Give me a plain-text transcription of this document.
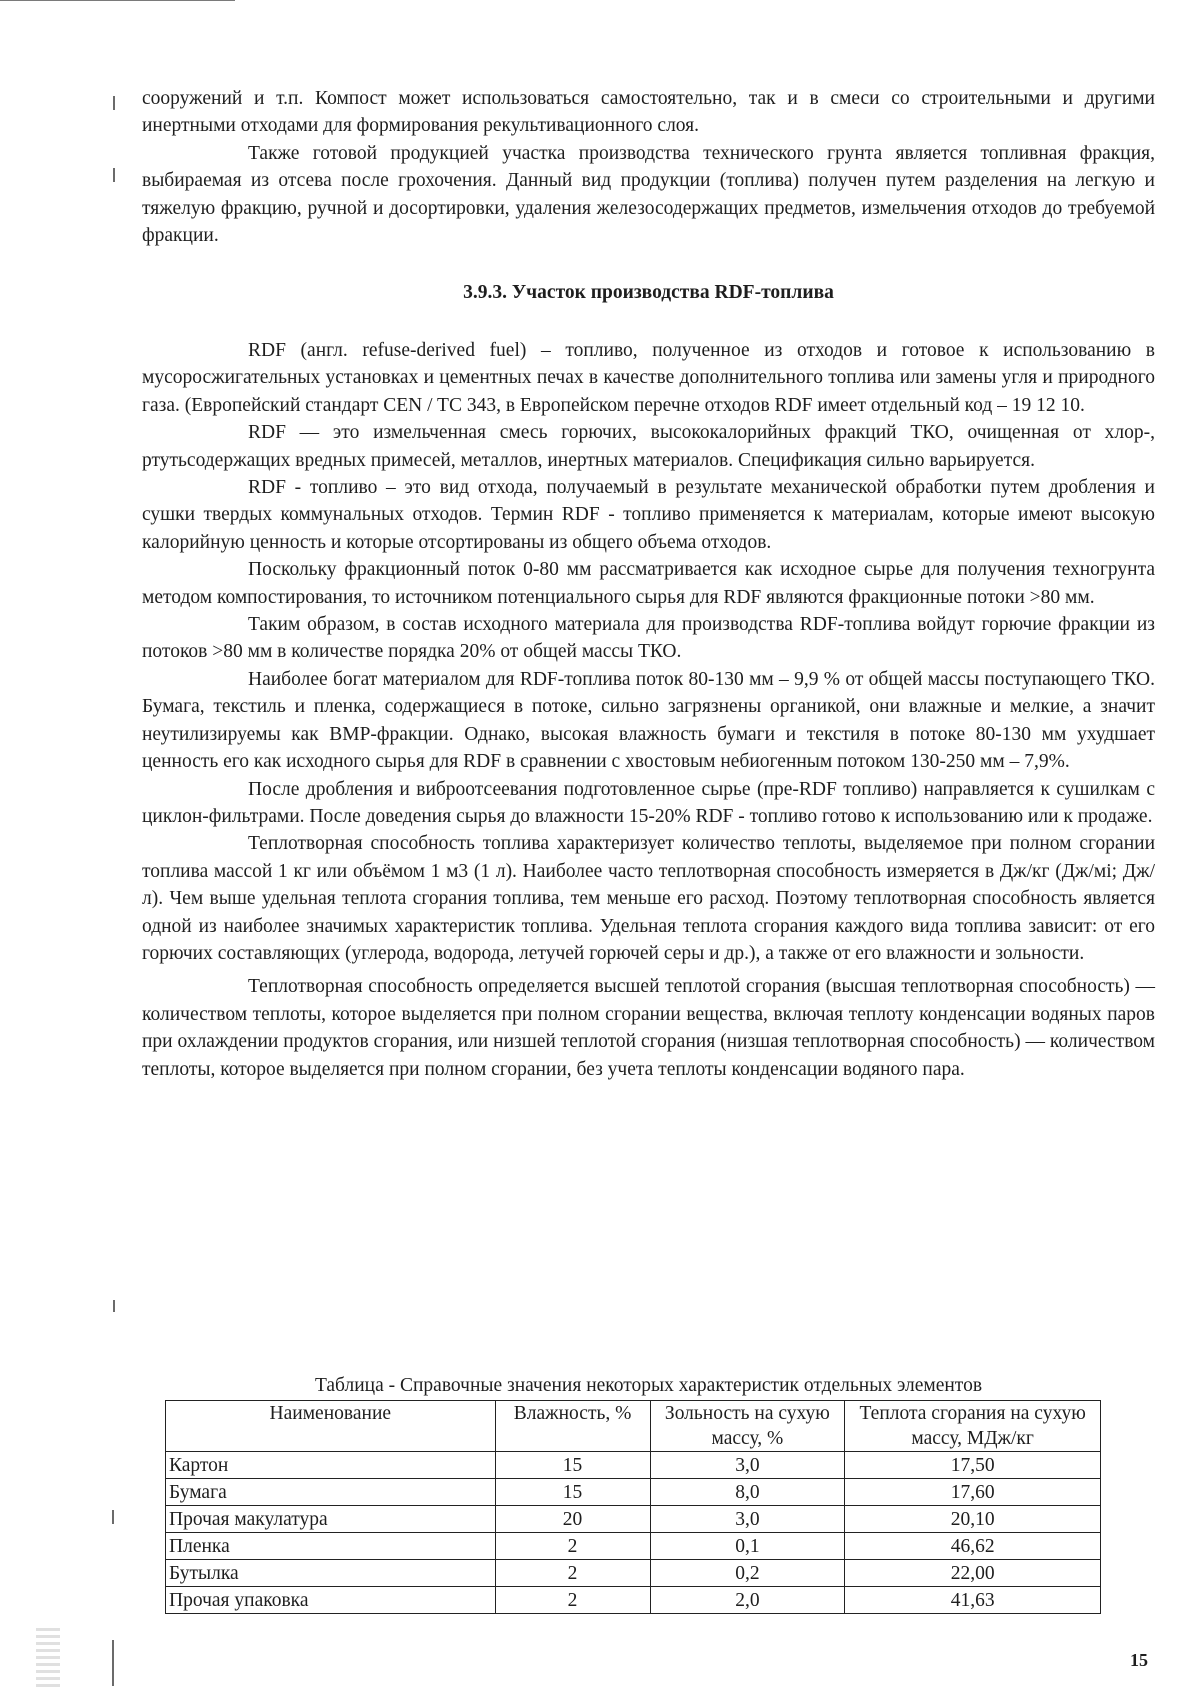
сооружений и т.п. Компост может использоваться самостоятельно, так и в смеси со строительными и другими инертными отходами для формирования рекультивационного слоя.

Также готовой продукцией участка производства технического грунта является топливная фракция, выбираемая из отсева после грохочения. Данный вид продукции (топлива) получен путем разделения на легкую и тяжелую фракцию, ручной и досортировки, удаления железосодержащих предметов, измельчения отходов до требуемой фракции.

3.9.3. Участок производства RDF-топлива

RDF (англ. refuse-derived fuel) – топливо, полученное из отходов и готовое к использованию в мусоросжигательных установках и цементных печах в качестве дополнительного топлива или замены угля и природного газа. (Европейский стандарт CEN / TC 343, в Европейском перечне отходов RDF имеет отдельный код – 19 12 10.

RDF — это измельченная смесь горючих, высококалорийных фракций ТКО, очищенная от хлор-, ртутьсодержащих вредных примесей, металлов, инертных материалов. Спецификация сильно варьируется.

RDF - топливо – это вид отхода, получаемый в результате механической обработки путем дробления и сушки твердых коммунальных отходов. Термин RDF - топливо применяется к материалам, которые имеют высокую калорийную ценность и которые отсортированы из общего объема отходов.

Поскольку фракционный поток 0-80 мм рассматривается как исходное сырье для получения техногрунта методом компостирования, то источником потенциального сырья для RDF являются фракционные потоки >80 мм.

Таким образом, в состав исходного материала для производства RDF-топлива войдут горючие фракции из потоков >80 мм в количестве порядка 20% от общей массы ТКО.

Наиболее богат материалом для RDF-топлива поток 80-130 мм – 9,9 % от общей массы поступающего ТКО. Бумага, текстиль и пленка, содержащиеся в потоке, сильно загрязнены органикой, они влажные и мелкие, а значит неутилизируемы как ВМР-фракции. Однако, высокая влажность бумаги и текстиля в потоке 80-130 мм ухудшает ценность его как исходного сырья для RDF в сравнении с хвостовым небиогенным потоком 130-250 мм – 7,9%.

После дробления и виброотсеевания подготовленное сырье (пре-RDF топливо) направляется к сушилкам с циклон-фильтрами. После доведения сырья до влажности 15-20% RDF - топливо готово к использованию или к продаже.

Теплотворная способность топлива характеризует количество теплоты, выделяемое при полном сгорании топлива массой 1 кг или объёмом 1 м3 (1 л). Наиболее часто теплотворная способность измеряется в Дж/кг (Дж/мі; Дж/л). Чем выше удельная теплота сгорания топлива, тем меньше его расход. Поэтому теплотворная способность является одной из наиболее значимых характеристик топлива. Удельная теплота сгорания каждого вида топлива зависит: от его горючих составляющих (углерода, водорода, летучей горючей серы и др.), а также от его влажности и зольности.

Теплотворная способность определяется высшей теплотой сгорания (высшая теплотворная способность) — количеством теплоты, которое выделяется при полном сгорании вещества, включая теплоту конденсации водяных паров при охлаждении продуктов сгорания, или низшей теплотой сгорания (низшая теплотворная способность) — количеством теплоты, которое выделяется при полном сгорании, без учета теплоты конденсации водяного пара.

Таблица - Справочные значения некоторых характеристик отдельных элементов
Наименование	Влажность, %	Зольность на сухую массу, %	Теплота сгорания на сухую массу, МДж/кг
Картон	15	3,0	17,50
Бумага	15	8,0	17,60
Прочая макулатура	20	3,0	20,10
Пленка	2	0,1	46,62
Бутылка	2	0,2	22,00
Прочая упаковка	2	2,0	41,63
15
